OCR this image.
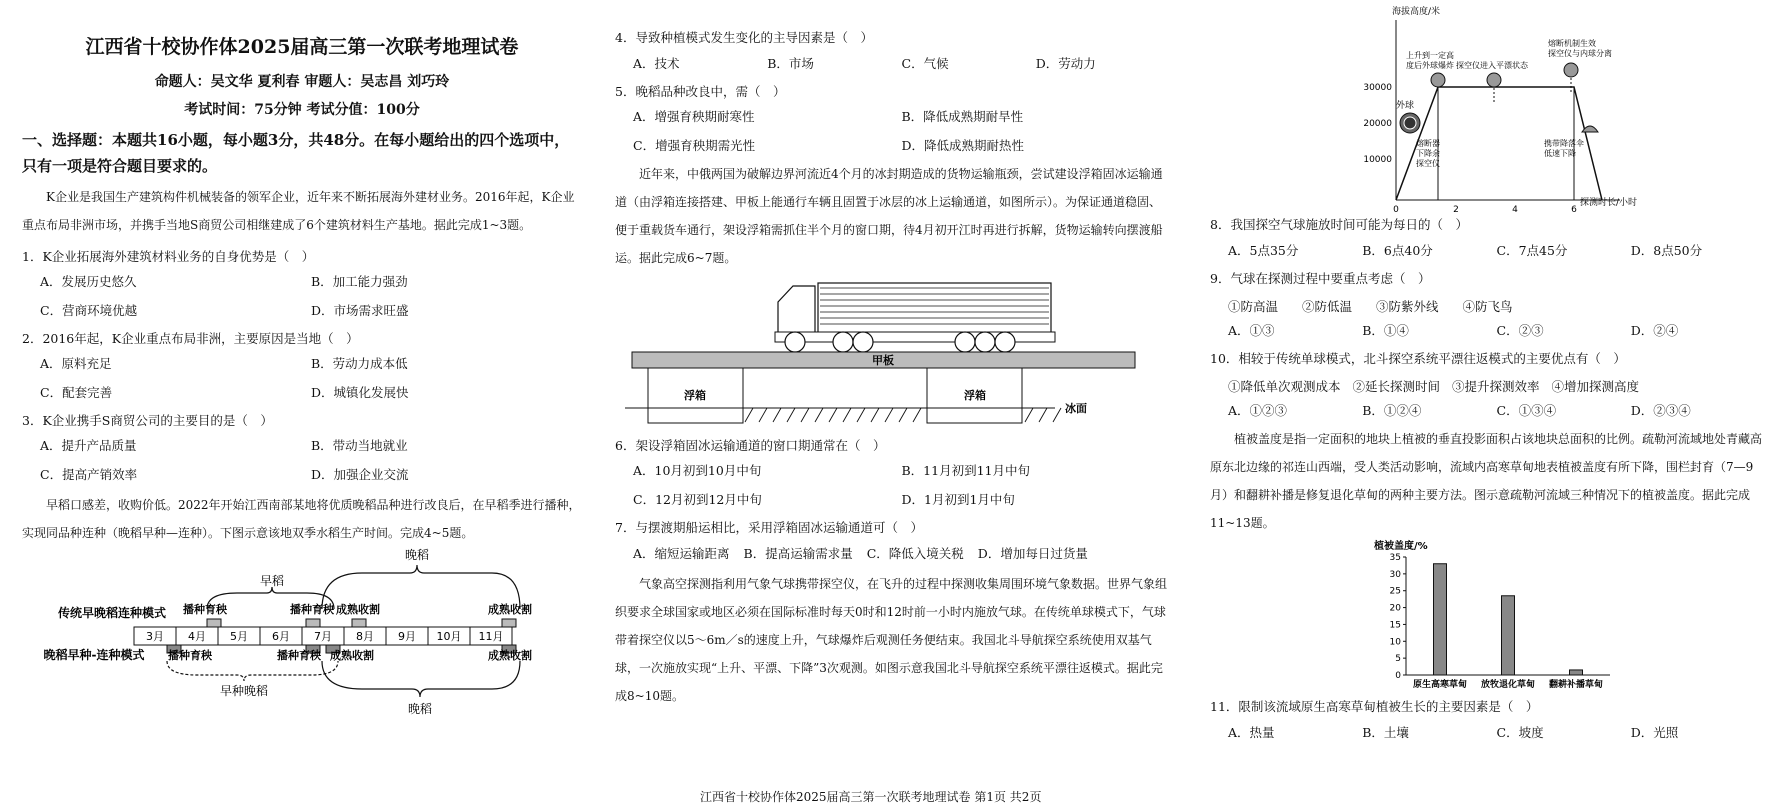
江西省十校协作体2025届高三第一次联考地理试卷
命题人：吴文华 夏利春 审题人：吴志昌 刘巧玲
考试时间：75分钟 考试分值：100分
一、选择题：本题共16小题，每小题3分，共48分。在每小题给出的四个选项中，
只有一项是符合题目要求的。

K企业是我国生产建筑构件机械装备的领军企业，近年来不断拓展海外建材业务。2016年起，K企业重点布局非洲市场，并携手当地S商贸公司相继建成了6个建筑材料生产基地。据此完成1~3题。

1．K企业拓展海外建筑材料业务的自身优势是（　）
A．发展历史悠久	B．加工能力强劲
C．营商环境优越	D．市场需求旺盛
2．2016年起，K企业重点布局非洲，主要原因是当地（　）
A．原料充足	B．劳动力成本低
C．配套完善	D．城镇化发展快
3．K企业携手S商贸公司的主要目的是（　）
A．提升产品质量	B．带动当地就业
C．提高产销效率	D．加强企业交流

早稻口感差，收购价低。2022年开始江西南部某地将优质晚稻品种进行改良后，在早稻季进行播种，实现同品种连种（晚稻早种—连种）。下图示意该地双季水稻生产时间。完成4~5题。

早稻
晚稻
播种育秧	播种育秧 成熟收割	成熟收割
传统早晚稻连种模式
3月 4月 5月 6月 7月 8月 9月 10月 11月
晚稻早种-连种模式 播种育秧	播种育秧 成熟收割	成熟收割
早种晚稻
晚稻
4．导致种植模式发生变化的主导因素是（　）
A．技术	B．市场	C．气候	D．劳动力
5．晚稻品种改良中，需（　）
A．增强育秧期耐寒性	B．降低成熟期耐旱性
C．增强育秧期需光性	D．降低成熟期耐热性

近年来，中俄两国为破解边界河流近4个月的冰封期造成的货物运输瓶颈，尝试建设浮箱固冰运输通道（由浮箱连接搭建、甲板上能通行车辆且固置于冰层的冰上运输通道，如图所示）。为保证通道稳固、便于重载货车通行，架设浮箱需抓住半个月的窗口期，待4月初开江时再进行拆解，货物运输转向摆渡船运。据此完成6~7题。

甲板
浮箱	浮箱
冰面
6．架设浮箱固冰运输通道的窗口期通常在（　）
A．10月初到10月中旬	B．11月初到11月中旬
C．12月初到12月中旬	D．1月初到1月中旬
7．与摆渡期船运相比，采用浮箱固冰运输通道可（　）
A．缩短运输距离 B．提高运输需求量 C．降低入境关税 D．增加每日过货量

气象高空探测指利用气象气球携带探空仪，在飞升的过程中探测收集周围环境气象数据。世界气象组织要求全球国家或地区必须在国际标准时每天0时和12时前一小时内施放气球。在传统单球模式下，气球带着探空仪以5～6m／s的速度上升，气球爆炸后观测任务便结束。我国北斗导航探空系统使用双基气球，一次施放实现“上升、平漂、下降”3次观测。如图示意我国北斗导航探空系统平漂往返模式。据此完成8~10题。

海拔高度/米
30000
20000
10000
0	2	4	6
探测时长/小时
外球
熔断器
下降余
探空仪
上升到一定高
度后外球爆炸 探空仪进入平漂状态
熔断机制生效
探空仪与内球分离
携带降落伞
低速下降
8．我国探空气球施放时间可能为每日的（　）
A．5点35分	B．6点40分	C．7点45分	D．8点50分
9．气球在探测过程中要重点考虑（　）
①防高温 ②防低温 ③防紫外线 ④防飞鸟
A．①③	B．①④	C．②③	D．②④
10．相较于传统单球模式，北斗探空系统平漂往返模式的主要优点有（　）
①降低单次观测成本 ②延长探测时间 ③提升探测效率 ④增加探测高度
A．①②③	B．①②④	C．①③④	D．②③④

植被盖度是指一定面积的地块上植被的垂直投影面积占该地块总面积的比例。疏勒河流域地处青藏高原东北边缘的祁连山西端，受人类活动影响，流域内高寒草甸地表植被盖度有所下降，围栏封育（7—9月）和翻耕补播是修复退化草甸的两种主要方法。图示意疏勒河流域三种情况下的植被盖度。据此完成11~13题。

植被盖度/%
0
5
10
15
20
25
30
35
原生高寒草甸 放牧退化草甸 翻耕补播草甸
11．限制该流域原生高寒草甸植被生长的主要因素是（　）
A．热量	B．土壤	C．坡度	D．光照
江西省十校协作体2025届高三第一次联考地理试卷 第1页 共2页
